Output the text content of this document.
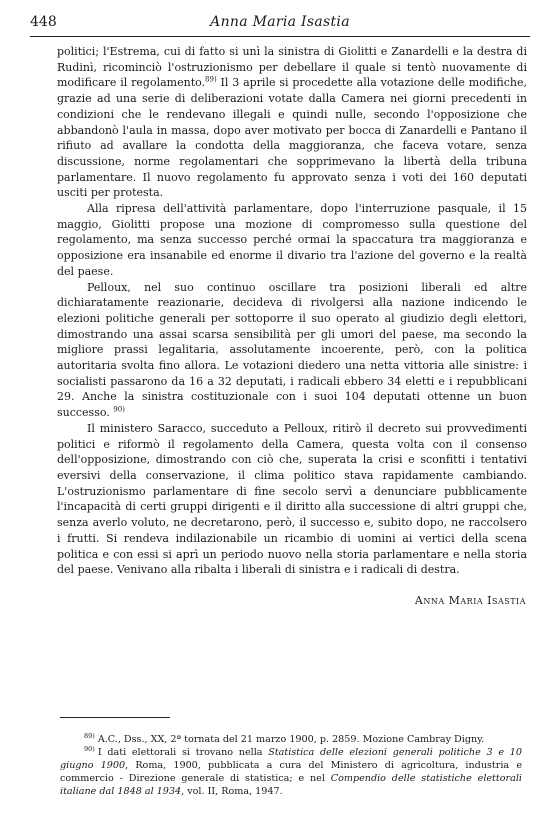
448	Anna Maria Isastia

politici; l'Estrema, cui di fatto si unì la sinistra di Giolitti e Zanardelli e la destra di Rudinì, ricominciò l'ostruzionismo per debellare il quale si tentò nuovamente di modificare il regolamento.$^{89)}$ Il 3 aprile si procedette alla votazione delle modifiche, grazie ad una serie di deliberazioni votate dalla Camera nei giorni precedenti in condizioni che le rendevano illegali e quindi nulle, secondo l'opposizione che abbandonò l'aula in massa, dopo aver motivato per bocca di Zanardelli e Pantano il rifiuto ad avallare la condotta della maggioranza, che faceva votare, senza discussione, norme regolamentari che sopprimevano la libertà della tribuna parlamentare. Il nuovo regolamento fu approvato senza i voti dei 160 deputati usciti per protesta.

Alla ripresa dell'attività parlamentare, dopo l'interruzione pasquale, il 15 maggio, Giolitti propose una mozione di compromesso sulla questione del regolamento, ma senza successo perché ormai la spaccatura tra maggioranza e opposizione era insanabile ed enorme il divario tra l'azione del governo e la realtà del paese.

Pelloux, nel suo continuo oscillare tra posizioni liberali ed altre dichiaratamente reazionarie, decideva di rivolgersi alla nazione indicendo le elezioni politiche generali per sottoporre il suo operato al giudizio degli elettori, dimostrando una assai scarsa sensibilità per gli umori del paese, ma secondo la migliore prassi legalitaria, assolutamente incoerente, però, con la politica autoritaria svolta fino allora. Le votazioni diedero una netta vittoria alle sinistre: i socialisti passarono da 16 a 32 deputati, i radicali ebbero 34 eletti e i repubblicani 29. Anche la sinistra costituzionale con i suoi 104 deputati ottenne un buon successo. $^{90)}$

Il ministero Saracco, succeduto a Pelloux, ritirò il decreto sui provvedimenti politici e riformò il regolamento della Camera, questa volta con il consenso dell'opposizione, dimostrando con ciò che, superata la crisi e sconfitti i tentativi eversivi della conservazione, il clima politico stava rapidamente cambiando. L'ostruzionismo parlamentare di fine secolo servì a denunciare pubblicamente l'incapacità di certi gruppi dirigenti e il diritto alla successione di altri gruppi che, senza averlo voluto, ne decretarono, però, il successo e, subito dopo, ne raccolsero i frutti. Si rendeva indilazionabile un ricambio di uomini ai vertici della scena politica e con essi si aprì un periodo nuovo nella storia parlamentare e nella storia del paese. Venivano alla ribalta i liberali di sinistra e i radicali di destra.

Anna Maria Isastia

$^{89)}$ A.C., Dss., XX, 2ª tornata del 21 marzo 1900, p. 2859. Mozione Cambray Digny.

$^{90)}$ I dati elettorali si trovano nella Statistica delle elezioni generali politiche 3 e 10 giugno 1900, Roma, 1900, pubblicata a cura del Ministero di agricoltura, industria e commercio - Direzione generale di statistica; e nel Compendio delle statistiche elettorali italiane dal 1848 al 1934, vol. II, Roma, 1947.
